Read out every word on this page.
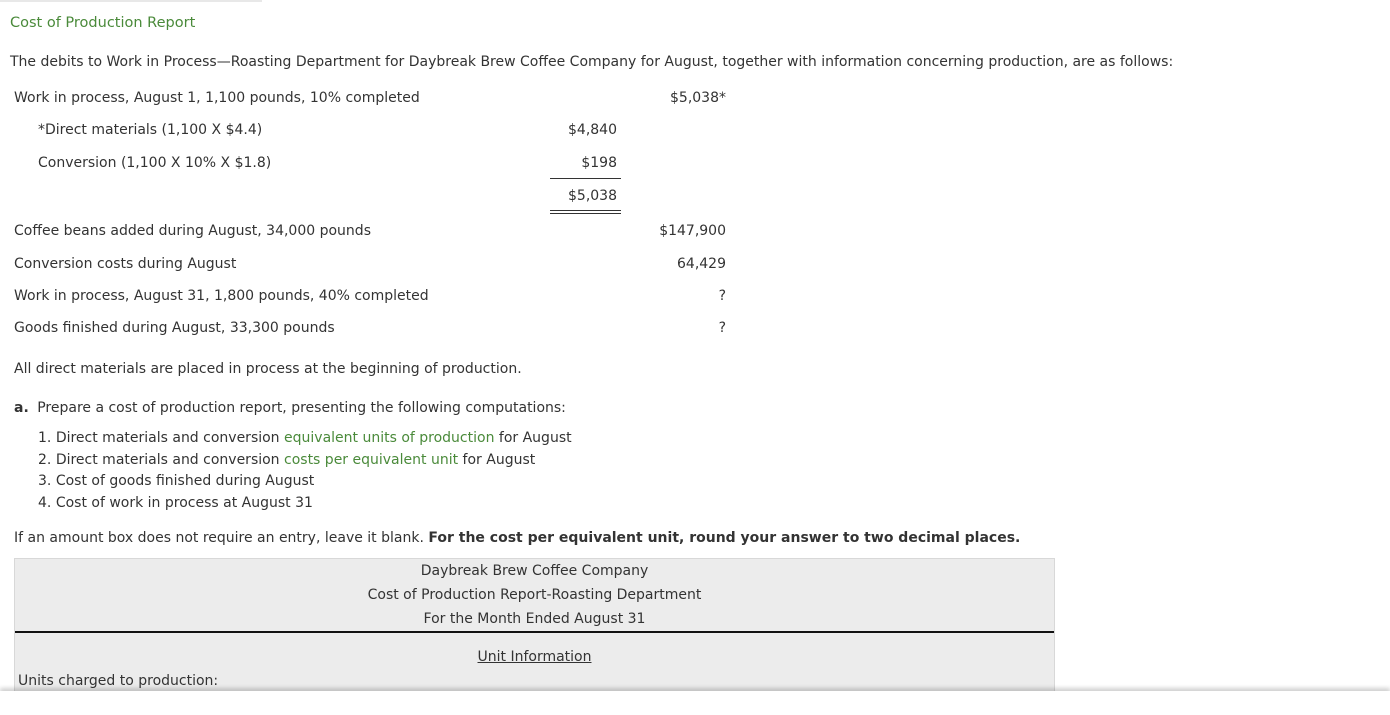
Cost of Production Report
The debits to Work in Process—Roasting Department for Daybreak Brew Coffee Company for August, together with information concerning production, are as follows:
Work in process, August 1, 1,100 pounds, 10% completed	$5,038*
*Direct materials (1,100 X $4.4)	$4,840
Conversion (1,100 X 10% X $1.8)	$198
$5,038
Coffee beans added during August, 34,000 pounds	$147,900
Conversion costs during August	64,429
Work in process, August 31, 1,800 pounds, 40% completed	?
Goods finished during August, 33,300 pounds	?
All direct materials are placed in process at the beginning of production.
a. Prepare a cost of production report, presenting the following computations:
1. Direct materials and conversion equivalent units of production for August
2. Direct materials and conversion costs per equivalent unit for August
3. Cost of goods finished during August
4. Cost of work in process at August 31
If an amount box does not require an entry, leave it blank. For the cost per equivalent unit, round your answer to two decimal places.
Daybreak Brew Coffee Company
Cost of Production Report-Roasting Department
For the Month Ended August 31
Unit Information
Units charged to production:
